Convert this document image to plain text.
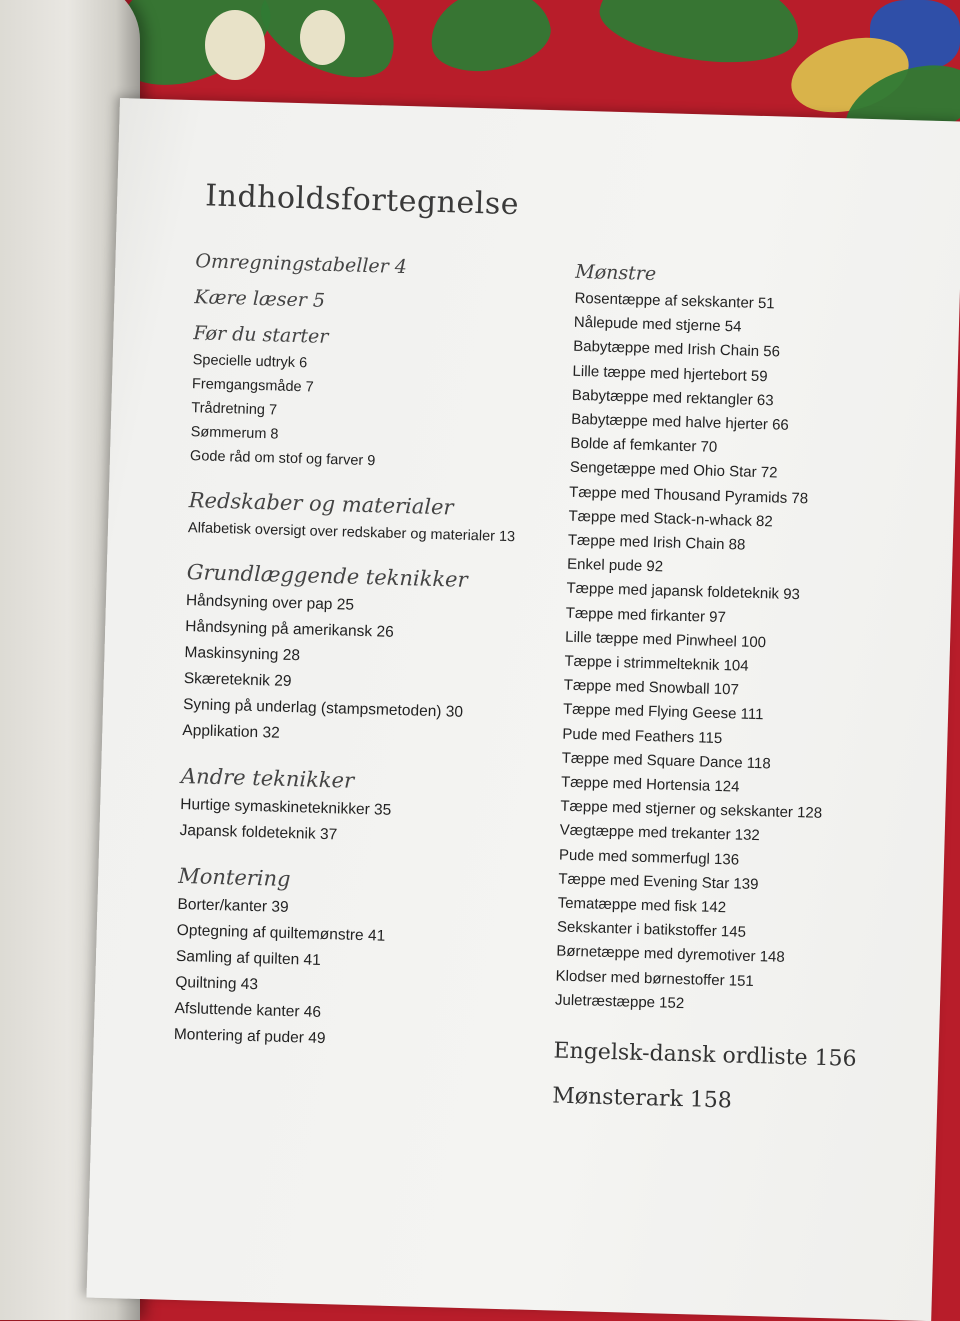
Indholdsfortegnelse
Omregningstabeller 4
Kære læser 5
Før du starter
Specielle udtryk 6
Fremgangsmåde 7
Trådretning 7
Sømmerum 8
Gode råd om stof og farver 9
Redskaber og materialer
Alfabetisk oversigt over redskaber og materialer 13
Grundlæggende teknikker
Håndsyning over pap 25
Håndsyning på amerikansk 26
Maskinsyning 28
Skæreteknik 29
Syning på underlag (stampsmetoden) 30
Applikation 32
Andre teknikker
Hurtige symaskineteknikker 35
Japansk foldeteknik 37
Montering
Borter/kanter 39
Optegning af quiltemønstre 41
Samling af quilten 41
Quiltning 43
Afsluttende kanter 46
Montering af puder 49
Mønstre
Rosentæppe af sekskanter 51
Nålepude med stjerne 54
Babytæppe med Irish Chain 56
Lille tæppe med hjertebort 59
Babytæppe med rektangler 63
Babytæppe med halve hjerter 66
Bolde af femkanter 70
Sengetæppe med Ohio Star 72
Tæppe med Thousand Pyramids 78
Tæppe med Stack-n-whack 82
Tæppe med Irish Chain 88
Enkel pude 92
Tæppe med japansk foldeteknik 93
Tæppe med firkanter 97
Lille tæppe med Pinwheel 100
Tæppe i strimmelteknik 104
Tæppe med Snowball 107
Tæppe med Flying Geese 111
Pude med Feathers 115
Tæppe med Square Dance 118
Tæppe med Hortensia 124
Tæppe med stjerner og sekskanter 128
Vægtæppe med trekanter 132
Pude med sommerfugl 136
Tæppe med Evening Star 139
Tematæppe med fisk 142
Sekskanter i batikstoffer 145
Børnetæppe med dyremotiver 148
Klodser med børnestoffer 151
Juletræstæppe 152
Engelsk-dansk ordliste 156
Mønsterark 158
